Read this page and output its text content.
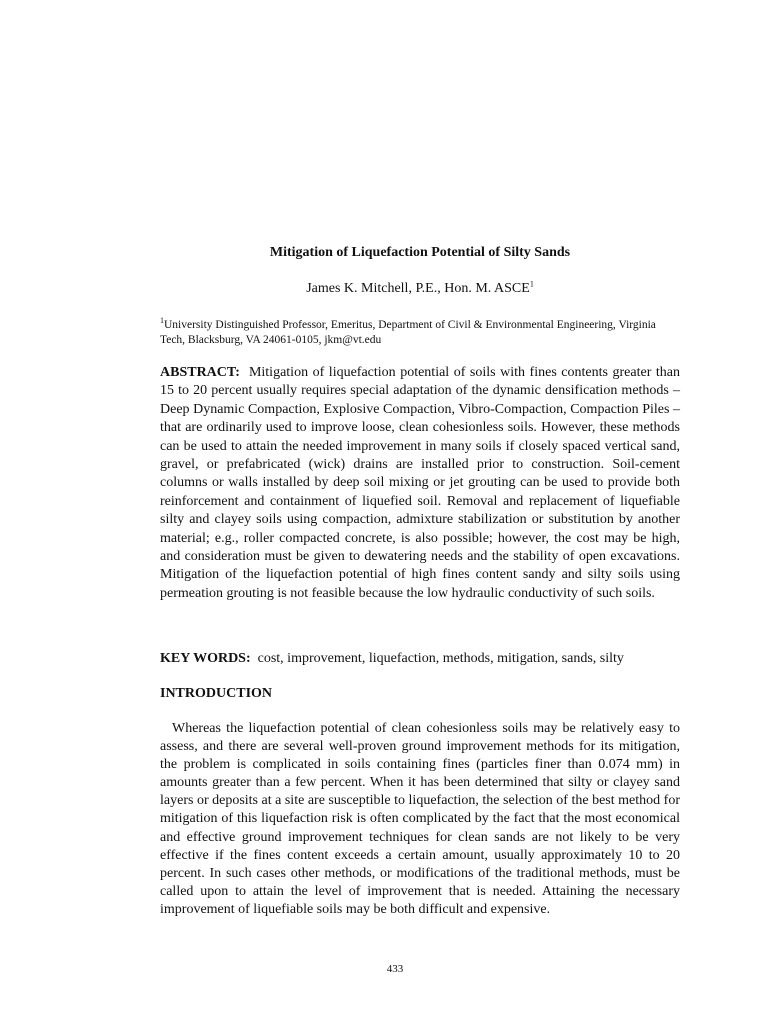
Mitigation of Liquefaction Potential of Silty Sands
James K. Mitchell, P.E., Hon. M. ASCE$^1$
$^1$University Distinguished Professor, Emeritus, Department of Civil & Environmental Engineering, Virginia Tech, Blacksburg, VA 24061-0105, jkm@vt.edu
ABSTRACT: Mitigation of liquefaction potential of soils with fines contents greater than 15 to 20 percent usually requires special adaptation of the dynamic densification methods – Deep Dynamic Compaction, Explosive Compaction, Vibro-Compaction, Compaction Piles – that are ordinarily used to improve loose, clean cohesionless soils. However, these methods can be used to attain the needed improvement in many soils if closely spaced vertical sand, gravel, or prefabricated (wick) drains are installed prior to construction. Soil-cement columns or walls installed by deep soil mixing or jet grouting can be used to provide both reinforcement and containment of liquefied soil. Removal and replacement of liquefiable silty and clayey soils using compaction, admixture stabilization or substitution by another material; e.g., roller compacted concrete, is also possible; however, the cost may be high, and consideration must be given to dewatering needs and the stability of open excavations. Mitigation of the liquefaction potential of high fines content sandy and silty soils using permeation grouting is not feasible because the low hydraulic conductivity of such soils.
KEY WORDS: cost, improvement, liquefaction, methods, mitigation, sands, silty
INTRODUCTION
Whereas the liquefaction potential of clean cohesionless soils may be relatively easy to assess, and there are several well-proven ground improvement methods for its mitigation, the problem is complicated in soils containing fines (particles finer than 0.074 mm) in amounts greater than a few percent. When it has been determined that silty or clayey sand layers or deposits at a site are susceptible to liquefaction, the selection of the best method for mitigation of this liquefaction risk is often complicated by the fact that the most economical and effective ground improvement techniques for clean sands are not likely to be very effective if the fines content exceeds a certain amount, usually approximately 10 to 20 percent. In such cases other methods, or modifications of the traditional methods, must be called upon to attain the level of improvement that is needed. Attaining the necessary improvement of liquefiable soils may be both difficult and expensive.
433
